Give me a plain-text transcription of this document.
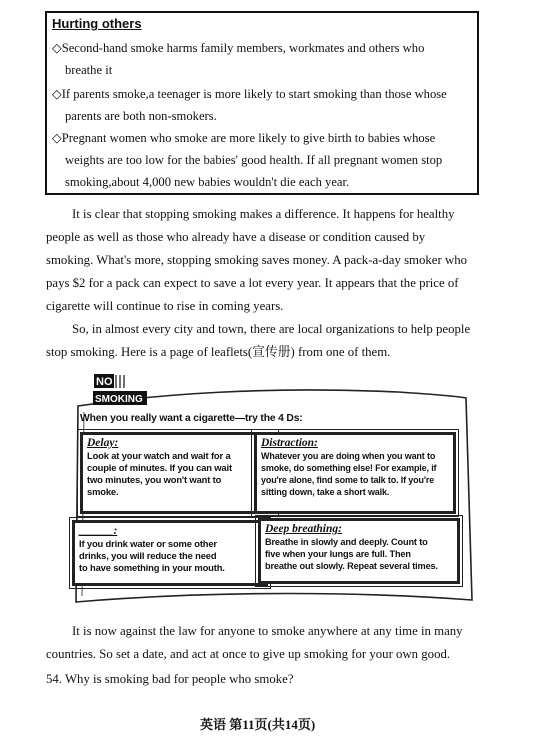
Hurting others
◇Second-hand smoke harms family members, workmates and others who
breathe it
◇If parents smoke,a teenager is more likely to start smoking than those whose
parents are both non-smokers.
◇Pregnant women who smoke are more likely to give birth to babies whose
weights are too low for the babies' good health. If all pregnant women stop
smoking,about 4,000 new babies wouldn't die each year.
It is clear that stopping smoking makes a difference. It happens for healthy
people as well as those who already have a disease or condition caused by
smoking. What's more, stopping smoking saves money. A pack-a-day smoker who
pays $2 for a pack can expect to save a lot every year. It appears that the price of
cigarette will continue to rise in coming years.
So, in almost every city and town, there are local organizations to help people
stop smoking. Here is a page of leaflets(宣传册) from one of them.
NO
SMOKING
When you really want a cigarette—try the 4 Ds:
Delay:
Look at your watch and wait for a
couple of minutes. If you can wait
two minutes, you won't want to
smoke.
Distraction:
Whatever you are doing when you want to
smoke, do something else! For example, if
you're alone, find some to talk to. If you're
sitting down, take a short walk.
______:
If you drink water or some other
drinks, you will reduce the need
to have something in your mouth.
Deep breathing:
Breathe in slowly and deeply. Count to
five when your lungs are full. Then
breathe out slowly. Repeat several times.
It is now against the law for anyone to smoke anywhere at any time in many
countries. So set a date, and act at once to give up smoking for your own good.
54. Why is smoking bad for people who smoke?
英语 第11页(共14页)
